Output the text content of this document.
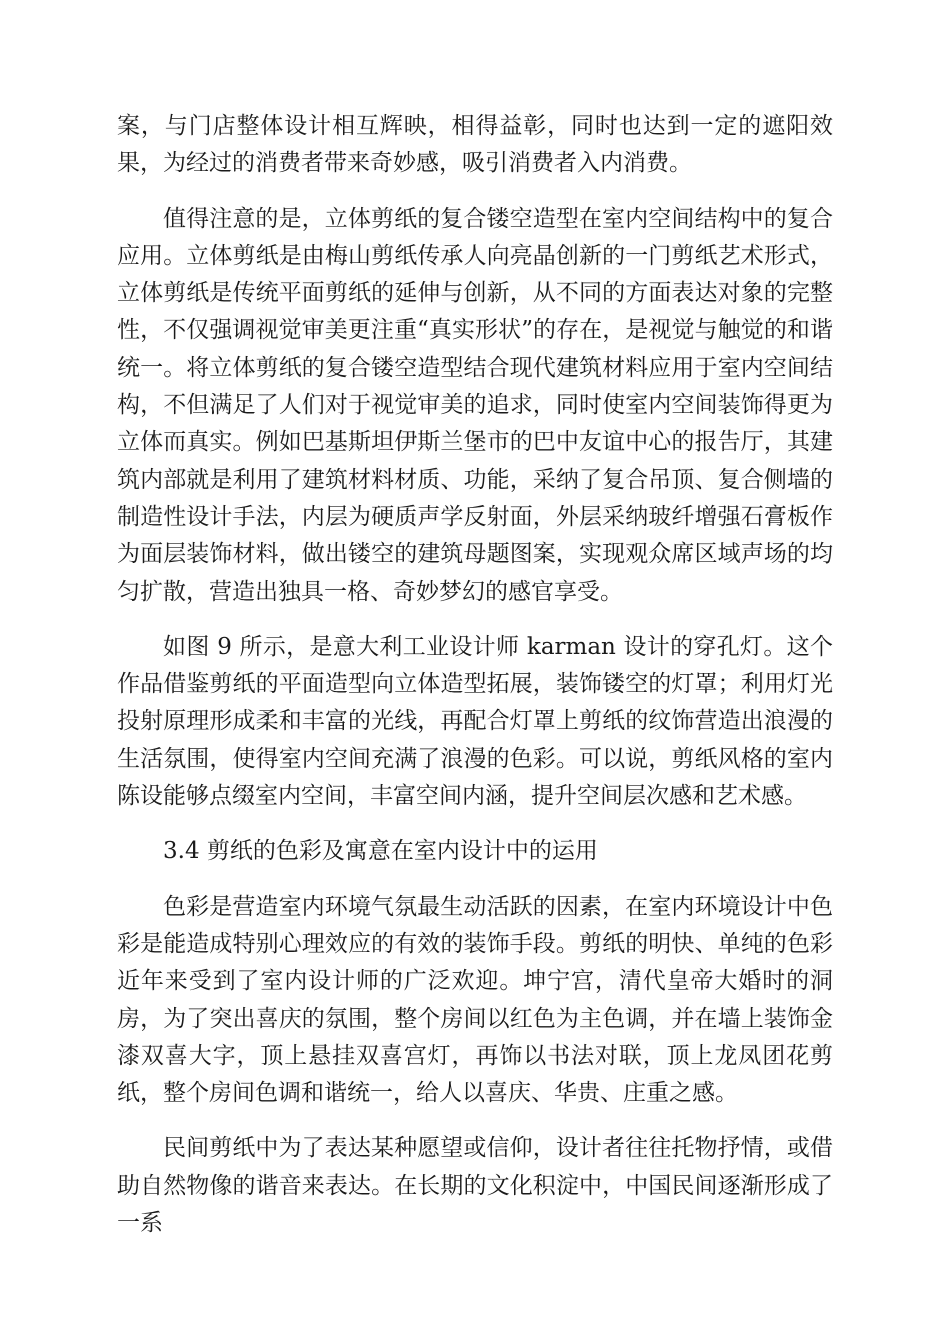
案，与门店整体设计相互辉映，相得益彰，同时也达到一定的遮阳效果，为经过的消费者带来奇妙感，吸引消费者入内消费。

值得注意的是，立体剪纸的复合镂空造型在室内空间结构中的复合应用。立体剪纸是由梅山剪纸传承人向亮晶创新的一门剪纸艺术形式，立体剪纸是传统平面剪纸的延伸与创新，从不同的方面表达对象的完整性，不仅强调视觉审美更注重“真实形状”的存在，是视觉与触觉的和谐统一。将立体剪纸的复合镂空造型结合现代建筑材料应用于室内空间结构，不但满足了人们对于视觉审美的追求，同时使室内空间装饰得更为立体而真实。例如巴基斯坦伊斯兰堡市的巴中友谊中心的报告厅，其建筑内部就是利用了建筑材料材质、功能，采纳了复合吊顶、复合侧墙的制造性设计手法，内层为硬质声学反射面，外层采纳玻纤增强石膏板作为面层装饰材料，做出镂空的建筑母题图案，实现观众席区域声场的均匀扩散，营造出独具一格、奇妙梦幻的感官享受。

如图 9 所示，是意大利工业设计师 karman 设计的穿孔灯。这个作品借鉴剪纸的平面造型向立体造型拓展，装饰镂空的灯罩；利用灯光投射原理形成柔和丰富的光线，再配合灯罩上剪纸的纹饰营造出浪漫的生活氛围，使得室内空间充满了浪漫的色彩。可以说，剪纸风格的室内陈设能够点缀室内空间，丰富空间内涵，提升空间层次感和艺术感。

3.4 剪纸的色彩及寓意在室内设计中的运用

色彩是营造室内环境气氛最生动活跃的因素，在室内环境设计中色彩是能造成特别心理效应的有效的装饰手段。剪纸的明快、单纯的色彩近年来受到了室内设计师的广泛欢迎。坤宁宫，清代皇帝大婚时的洞房，为了突出喜庆的氛围，整个房间以红色为主色调，并在墙上装饰金漆双喜大字，顶上悬挂双喜宫灯，再饰以书法对联，顶上龙凤团花剪纸，整个房间色调和谐统一，给人以喜庆、华贵、庄重之感。

民间剪纸中为了表达某种愿望或信仰，设计者往往托物抒情，或借助自然物像的谐音来表达。在长期的文化积淀中，中国民间逐渐形成了一系
